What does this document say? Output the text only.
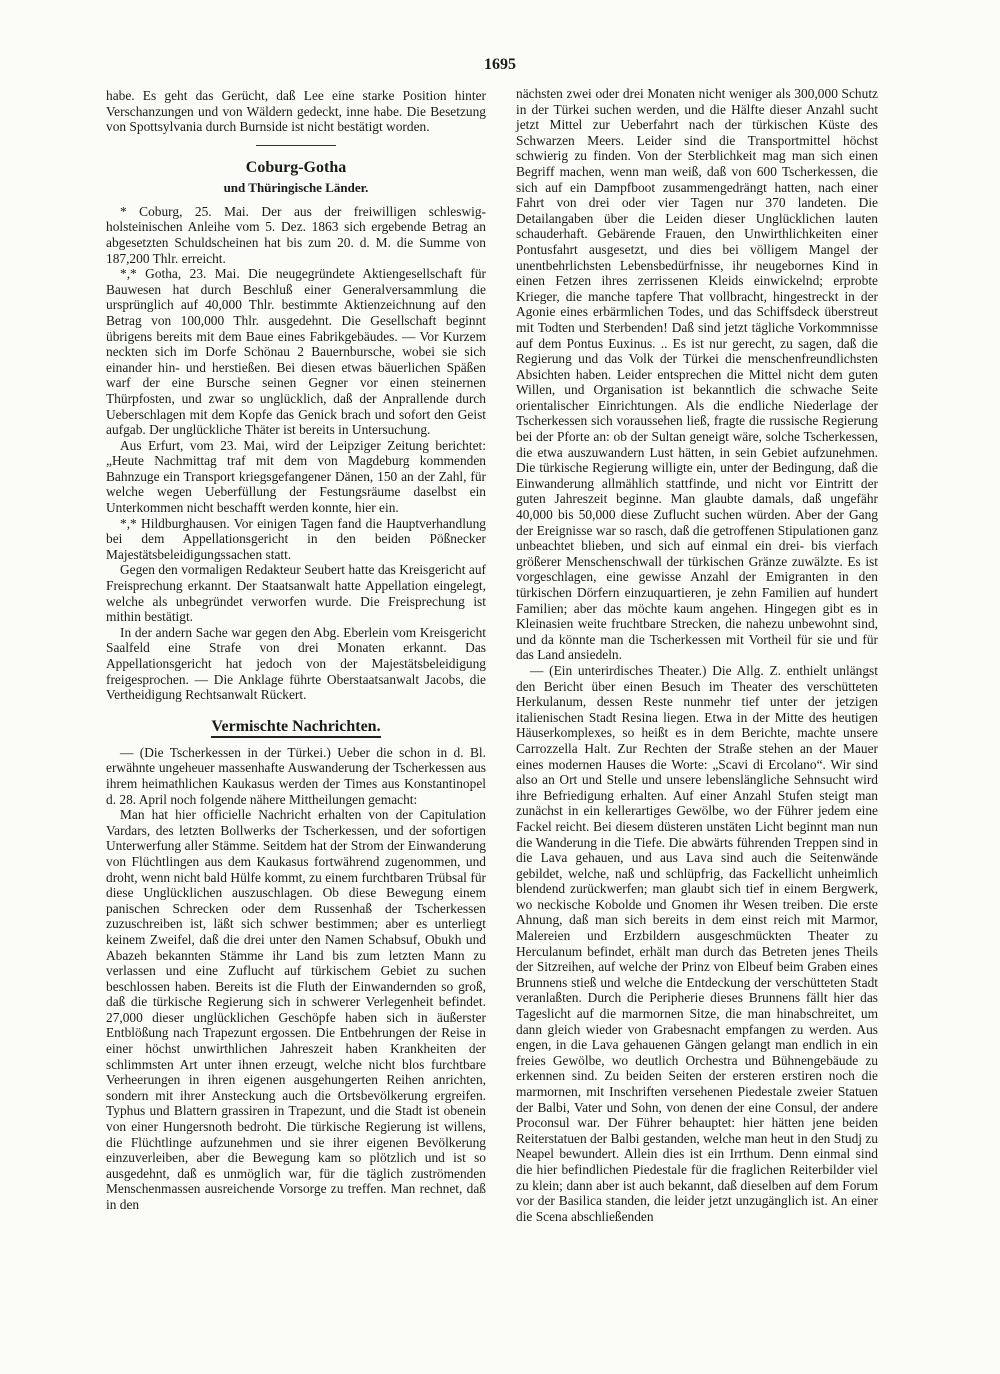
1695

habe. Es geht das Gerücht, daß Lee eine starke Position hinter Verschanzungen und von Wäldern gedeckt, inne habe. Die Besetzung von Spottsylvania durch Burnside ist nicht bestätigt worden.

Coburg-Gotha
und Thüringische Länder.

* Coburg, 25. Mai. Der aus der freiwilligen schleswig-holsteinischen Anleihe vom 5. Dez. 1863 sich ergebende Betrag an abgesetzten Schuldscheinen hat bis zum 20. d. M. die Summe von 187,200 Thlr. erreicht.

*,* Gotha, 23. Mai. Die neugegründete Aktiengesellschaft für Bauwesen hat durch Beschluß einer Generalversammlung die ursprünglich auf 40,000 Thlr. bestimmte Aktienzeichnung auf den Betrag von 100,000 Thlr. ausgedehnt. Die Gesellschaft beginnt übrigens bereits mit dem Baue eines Fabrikgebäudes. — Vor Kurzem neckten sich im Dorfe Schönau 2 Bauernbursche, wobei sie sich einander hin- und herstießen. Bei diesen etwas bäuerlichen Späßen warf der eine Bursche seinen Gegner vor einen steinernen Thürpfosten, und zwar so unglücklich, daß der Anprallende durch Ueberschlagen mit dem Kopfe das Genick brach und sofort den Geist aufgab. Der unglückliche Thäter ist bereits in Untersuchung.

Aus Erfurt, vom 23. Mai, wird der Leipziger Zeitung berichtet: „Heute Nachmittag traf mit dem von Magdeburg kommenden Bahnzuge ein Transport kriegsgefangener Dänen, 150 an der Zahl, für welche wegen Ueberfüllung der Festungsräume daselbst ein Unterkommen nicht beschafft werden konnte, hier ein.

*,* Hildburghausen. Vor einigen Tagen fand die Hauptverhandlung bei dem Appellationsgericht in den beiden Pößnecker Majestätsbeleidigungssachen statt.

Gegen den vormaligen Redakteur Seubert hatte das Kreisgericht auf Freisprechung erkannt. Der Staatsanwalt hatte Appellation eingelegt, welche als unbegründet verworfen wurde. Die Freisprechung ist mithin bestätigt.

In der andern Sache war gegen den Abg. Eberlein vom Kreisgericht Saalfeld eine Strafe von drei Monaten erkannt. Das Appellationsgericht hat jedoch von der Majestätsbeleidigung freigesprochen. — Die Anklage führte Oberstaatsanwalt Jacobs, die Vertheidigung Rechtsanwalt Rückert.

Vermischte Nachrichten.

— (Die Tscherkessen in der Türkei.) Ueber die schon in d. Bl. erwähnte ungeheuer massenhafte Auswanderung der Tscherkessen aus ihrem heimathlichen Kaukasus werden der Times aus Konstantinopel d. 28. April noch folgende nähere Mittheilungen gemacht:

Man hat hier officielle Nachricht erhalten von der Capitulation Vardars, des letzten Bollwerks der Tscherkessen, und der sofortigen Unterwerfung aller Stämme. Seitdem hat der Strom der Einwanderung von Flüchtlingen aus dem Kaukasus fortwährend zugenommen, und droht, wenn nicht bald Hülfe kommt, zu einem furchtbaren Trübsal für diese Unglücklichen auszuschlagen. Ob diese Bewegung einem panischen Schrecken oder dem Russenhaß der Tscherkessen zuzuschreiben ist, läßt sich schwer bestimmen; aber es unterliegt keinem Zweifel, daß die drei unter den Namen Schabsuf, Obukh und Abazeh bekannten Stämme ihr Land bis zum letzten Mann zu verlassen und eine Zuflucht auf türkischem Gebiet zu suchen beschlossen haben. Bereits ist die Fluth der Einwandernden so groß, daß die türkische Regierung sich in schwerer Verlegenheit befindet. 27,000 dieser unglücklichen Geschöpfe haben sich in äußerster Entblößung nach Trapezunt ergossen. Die Entbehrungen der Reise in einer höchst unwirthlichen Jahreszeit haben Krankheiten der schlimmsten Art unter ihnen erzeugt, welche nicht blos furchtbare Verheerungen in ihren eigenen ausgehungerten Reihen anrichten, sondern mit ihrer Ansteckung auch die Ortsbevölkerung ergreifen. Typhus und Blattern grassiren in Trapezunt, und die Stadt ist obenein von einer Hungersnoth bedroht. Die türkische Regierung ist willens, die Flüchtlinge aufzunehmen und sie ihrer eigenen Bevölkerung einzuverleiben, aber die Bewegung kam so plötzlich und ist so ausgedehnt, daß es unmöglich war, für die täglich zuströmenden Menschenmassen ausreichende Vorsorge zu treffen. Man rechnet, daß in den

nächsten zwei oder drei Monaten nicht weniger als 300,000 Schutz in der Türkei suchen werden, und die Hälfte dieser Anzahl sucht jetzt Mittel zur Ueberfahrt nach der türkischen Küste des Schwarzen Meers. Leider sind die Transportmittel höchst schwierig zu finden. Von der Sterblichkeit mag man sich einen Begriff machen, wenn man weiß, daß von 600 Tscherkessen, die sich auf ein Dampfboot zusammengedrängt hatten, nach einer Fahrt von drei oder vier Tagen nur 370 landeten. Die Detailangaben über die Leiden dieser Unglücklichen lauten schauderhaft. Gebärende Frauen, den Unwirthlichkeiten einer Pontusfahrt ausgesetzt, und dies bei völligem Mangel der unentbehrlichsten Lebensbedürfnisse, ihr neugebornes Kind in einen Fetzen ihres zerrissenen Kleids einwickelnd; erprobte Krieger, die manche tapfere That vollbracht, hingestreckt in der Agonie eines erbärmlichen Todes, und das Schiffsdeck überstreut mit Todten und Sterbenden! Daß sind jetzt tägliche Vorkommnisse auf dem Pontus Euxinus. .. Es ist nur gerecht, zu sagen, daß die Regierung und das Volk der Türkei die menschenfreundlichsten Absichten haben. Leider entsprechen die Mittel nicht dem guten Willen, und Organisation ist bekanntlich die schwache Seite orientalischer Einrichtungen. Als die endliche Niederlage der Tscherkessen sich voraussehen ließ, fragte die russische Regierung bei der Pforte an: ob der Sultan geneigt wäre, solche Tscherkessen, die etwa auszuwandern Lust hätten, in sein Gebiet aufzunehmen. Die türkische Regierung willigte ein, unter der Bedingung, daß die Einwanderung allmählich stattfinde, und nicht vor Eintritt der guten Jahreszeit beginne. Man glaubte damals, daß ungefähr 40,000 bis 50,000 diese Zuflucht suchen würden. Aber der Gang der Ereignisse war so rasch, daß die getroffenen Stipulationen ganz unbeachtet blieben, und sich auf einmal ein drei- bis vierfach größerer Menschenschwall der türkischen Gränze zuwälzte. Es ist vorgeschlagen, eine gewisse Anzahl der Emigranten in den türkischen Dörfern einzuquartieren, je zehn Familien auf hundert Familien; aber das möchte kaum angehen. Hingegen gibt es in Kleinasien weite fruchtbare Strecken, die nahezu unbewohnt sind, und da könnte man die Tscherkessen mit Vortheil für sie und für das Land ansiedeln.

— (Ein unterirdisches Theater.) Die Allg. Z. enthielt unlängst den Bericht über einen Besuch im Theater des verschütteten Herkulanum, dessen Reste nunmehr tief unter der jetzigen italienischen Stadt Resina liegen. Etwa in der Mitte des heutigen Häuserkomplexes, so heißt es in dem Berichte, machte unsere Carrozzella Halt. Zur Rechten der Straße stehen an der Mauer eines modernen Hauses die Worte: „Scavi di Ercolano“. Wir sind also an Ort und Stelle und unsere lebenslängliche Sehnsucht wird ihre Befriedigung erhalten. Auf einer Anzahl Stufen steigt man zunächst in ein kellerartiges Gewölbe, wo der Führer jedem eine Fackel reicht. Bei diesem düsteren unstäten Licht beginnt man nun die Wanderung in die Tiefe. Die abwärts führenden Treppen sind in die Lava gehauen, und aus Lava sind auch die Seitenwände gebildet, welche, naß und schlüpfrig, das Fackellicht unheimlich blendend zurückwerfen; man glaubt sich tief in einem Bergwerk, wo neckische Kobolde und Gnomen ihr Wesen treiben. Die erste Ahnung, daß man sich bereits in dem einst reich mit Marmor, Malereien und Erzbildern ausgeschmückten Theater zu Herculanum befindet, erhält man durch das Betreten jenes Theils der Sitzreihen, auf welche der Prinz von Elbeuf beim Graben eines Brunnens stieß und welche die Entdeckung der verschütteten Stadt veranlaßten. Durch die Peripherie dieses Brunnens fällt hier das Tageslicht auf die marmornen Sitze, die man hinabschreitet, um dann gleich wieder von Grabesnacht empfangen zu werden. Aus engen, in die Lava gehauenen Gängen gelangt man endlich in ein freies Gewölbe, wo deutlich Orchestra und Bühnengebäude zu erkennen sind. Zu beiden Seiten der ersteren erstiren noch die marmornen, mit Inschriften versehenen Piedestale zweier Statuen der Balbi, Vater und Sohn, von denen der eine Consul, der andere Proconsul war. Der Führer behauptet: hier hätten jene beiden Reiterstatuen der Balbi gestanden, welche man heut in den Studj zu Neapel bewundert. Allein dies ist ein Irrthum. Denn einmal sind die hier befindlichen Piedestale für die fraglichen Reiterbilder viel zu klein; dann aber ist auch bekannt, daß dieselben auf dem Forum vor der Basilica standen, die leider jetzt unzugänglich ist. An einer die Scena abschließenden
